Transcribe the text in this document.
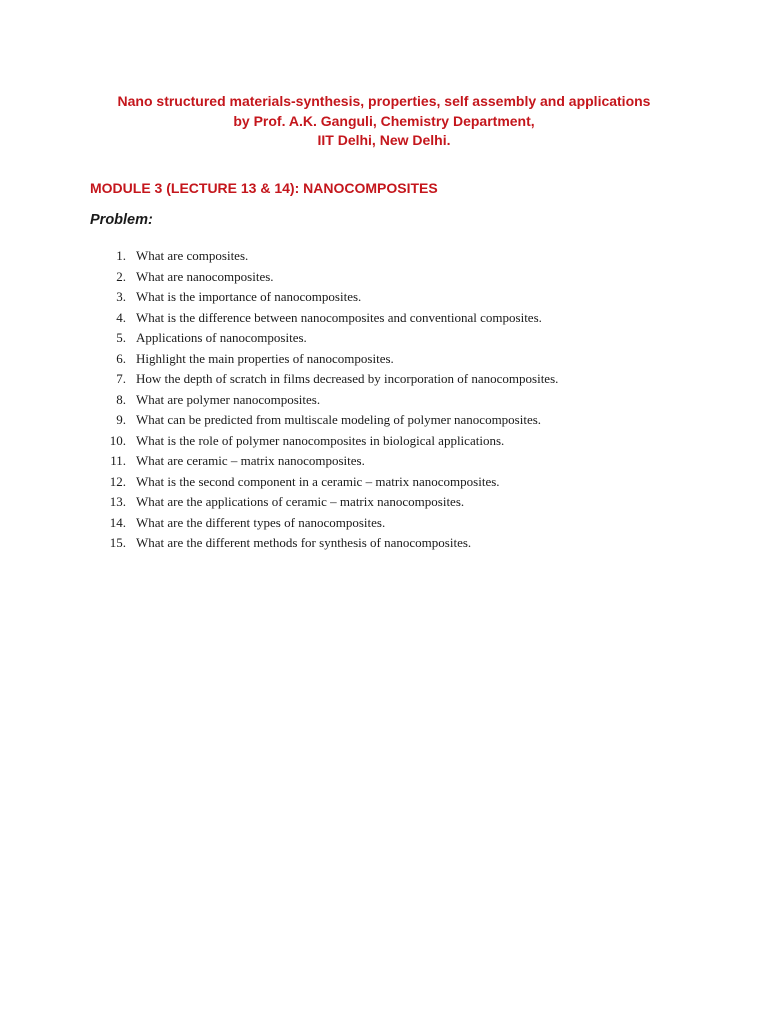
Nano structured materials-synthesis, properties, self assembly and applications
by Prof. A.K. Ganguli, Chemistry Department,
IIT Delhi, New Delhi.
MODULE 3 (LECTURE 13 & 14): NANOCOMPOSITES
Problem:
1. What are composites.
2. What are nanocomposites.
3. What is the importance of nanocomposites.
4. What is the difference between nanocomposites and conventional composites.
5. Applications of nanocomposites.
6. Highlight the main properties of nanocomposites.
7. How the depth of scratch in films decreased by incorporation of nanocomposites.
8. What are polymer nanocomposites.
9. What can be predicted from multiscale modeling of polymer nanocomposites.
10. What is the role of polymer nanocomposites in biological applications.
11. What are ceramic – matrix nanocomposites.
12. What is the second component in a ceramic – matrix nanocomposites.
13. What are the applications of ceramic – matrix nanocomposites.
14. What are the different types of nanocomposites.
15. What are the different methods for synthesis of nanocomposites.
